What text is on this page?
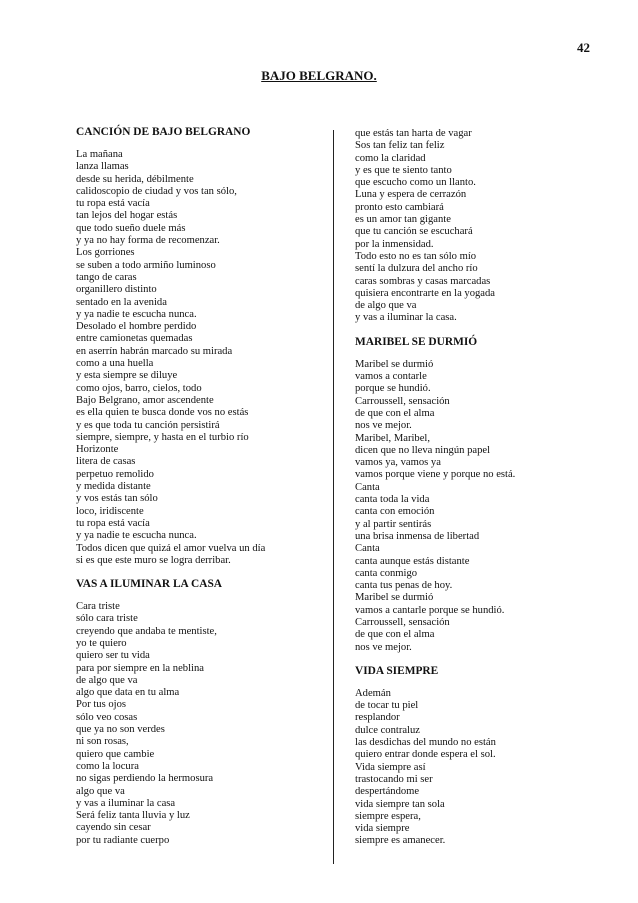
42
BAJO BELGRANO.
CANCIÓN DE BAJO BELGRANO
La mañana
lanza llamas
desde su herida, débilmente
calidoscopio de ciudad y vos tan sólo,
tu ropa está vacía
tan lejos del hogar estás
que todo sueño duele más
y ya no hay forma de recomenzar.
Los gorriones
se suben a todo armiño luminoso
tango de caras
organillero distinto
sentado en la avenida
y ya nadie te escucha nunca.
Desolado el hombre perdido
entre camionetas quemadas
en aserrín habrán marcado su mirada
como a una huella
y esta siempre se diluye
como ojos, barro, cielos, todo
Bajo Belgrano, amor ascendente
es ella quien te busca donde vos no estás
y es que toda tu canción persistirá
siempre, siempre, y hasta en el turbio río
Horizonte
litera de casas
perpetuo remolido
y medida distante
y vos estás tan sólo
loco, iridiscente
tu ropa está vacía
y ya nadie te escucha nunca.
Todos dicen que quizá el amor vuelva un día
si es que este muro se logra derribar.
VAS A ILUMINAR LA CASA
Cara triste
sólo cara triste
creyendo que andaba te mentiste,
yo te quiero
quiero ser tu vida
para por siempre en la neblina
de algo que va
algo que data en tu alma
Por tus ojos
sólo veo cosas
que ya no son verdes
ni son rosas,
quiero que cambie
como la locura
no sigas perdiendo la hermosura
algo que va
y vas a iluminar la casa
Será feliz tanta lluvia y luz
cayendo sin cesar
por tu radiante cuerpo
que estás tan harta de vagar
Sos tan feliz tan feliz
como la claridad
y es que te siento tanto
que escucho como un llanto.
Luna y espera de cerrazón
pronto esto cambiará
es un amor tan gigante
que tu canción se escuchará
por la inmensidad.
Todo esto no es tan sólo mío
sentí la dulzura del ancho río
caras sombras y casas marcadas
quisiera encontrarte en la yogada
de algo que va
y vas a iluminar la casa.
MARIBEL SE DURMIÓ
Maribel se durmió
vamos a contarle
porque se hundió.
Carroussell, sensación
de que con el alma
nos ve mejor.
Maribel, Maribel,
dicen que no lleva ningún papel
vamos ya, vamos ya
vamos porque viene y porque no está.
Canta
canta toda la vida
canta con emoción
y al partir sentirás
una brisa inmensa de libertad
Canta
canta aunque estás distante
canta conmigo
canta tus penas de hoy.
Maribel se durmió
vamos a cantarle porque se hundió.
Carroussell, sensación
de que con el alma
nos ve mejor.
VIDA SIEMPRE
Ademán
de tocar tu piel
resplandor
dulce contraluz
las desdichas del mundo no están
quiero entrar donde espera el sol.
Vida siempre así
trastocando mi ser
despertándome
vida siempre tan sola
siempre espera,
vida siempre
siempre es amanecer.
